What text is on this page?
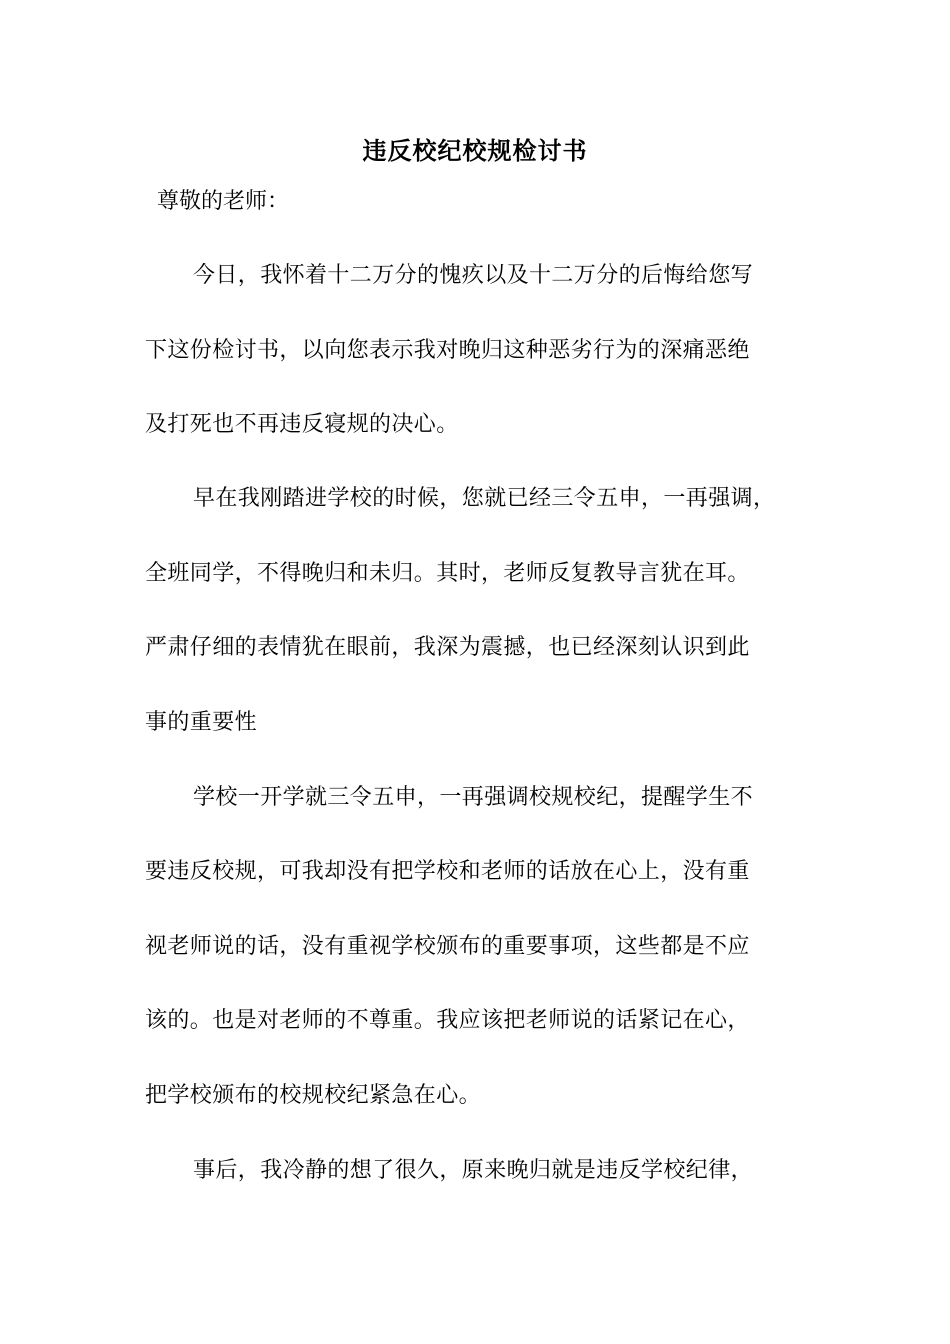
违反校纪校规检讨书
尊敬的老师：
今日，我怀着十二万分的愧疚以及十二万分的后悔给您写
下这份检讨书，以向您表示我对晚归这种恶劣行为的深痛恶绝
及打死也不再违反寝规的决心。
早在我刚踏进学校的时候，您就已经三令五申，一再强调，
全班同学，不得晚归和未归。其时，老师反复教导言犹在耳。
严肃仔细的表情犹在眼前，我深为震撼，也已经深刻认识到此
事的重要性
学校一开学就三令五申，一再强调校规校纪，提醒学生不
要违反校规，可我却没有把学校和老师的话放在心上，没有重
视老师说的话，没有重视学校颁布的重要事项，这些都是不应
该的。也是对老师的不尊重。我应该把老师说的话紧记在心，
把学校颁布的校规校纪紧急在心。
事后，我冷静的想了很久，原来晚归就是违反学校纪律，
